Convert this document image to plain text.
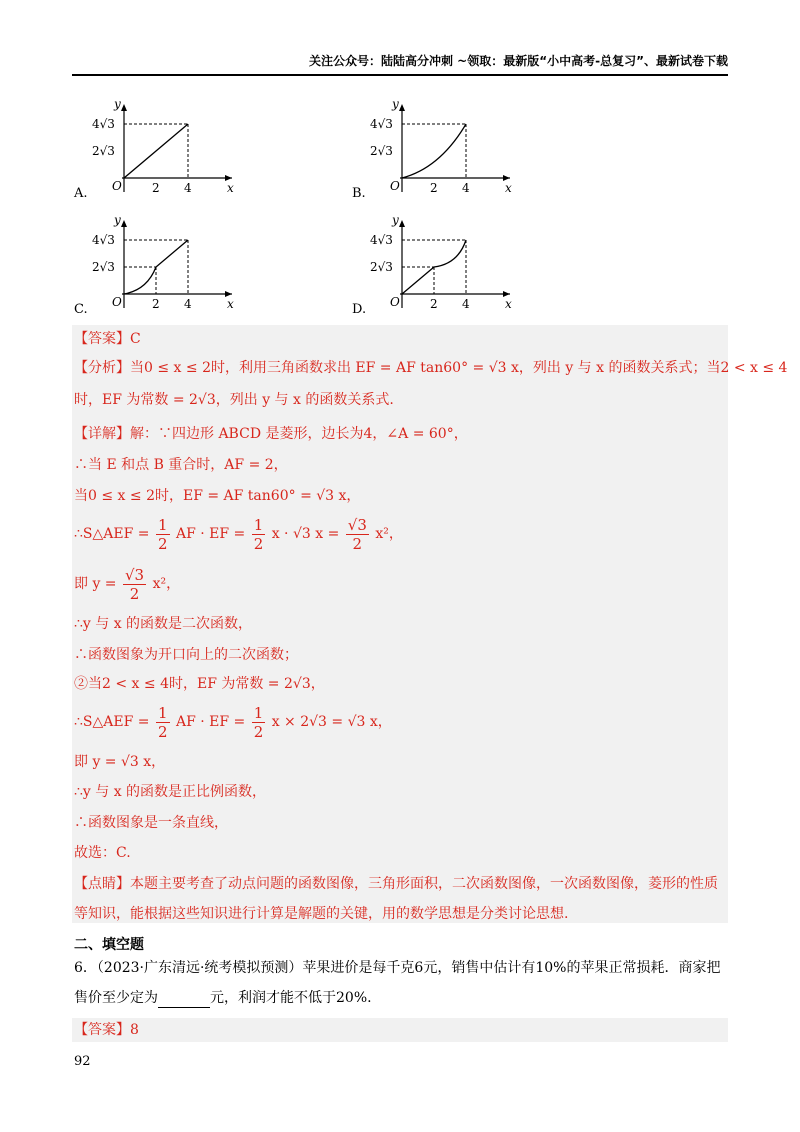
关注公众号：陆陆高分冲刺 ~领取：最新版“小中高考-总复习”、最新试卷下载
y
x
O	2 4
4√3
2√3
A.
y
x
O	2 4
4√3
2√3
B.
y
x
O	2 4
4√3
2√3
C.
y
x
O	2 4
4√3
2√3
D.
【答案】C
【分析】当0 ≤ x ≤ 2时，利用三角函数求出 EF = AF tan60° = √3 x，列出 y 与 x 的函数关系式；当2 < x ≤ 4
时，EF 为常数 = 2√3，列出 y 与 x 的函数关系式.
【详解】解：∵四边形 ABCD 是菱形，边长为4，∠A = 60°，
∴当 E 和点 B 重合时，AF = 2，
当0 ≤ x ≤ 2时，EF = AF tan60° = √3 x，
∴S△AEF = $\frac{1}{2}$ AF · EF = $\frac{1}{2}$ x · √3 $x = \frac{√3}{2} x^2$，
即 $y = \frac{√3}{2} x^2$，
∴y 与 x 的函数是二次函数，
∴函数图象为开口向上的二次函数；
②当2 < x ≤ 4时，EF 为常数 = 2√3，
∴S△AEF = $\frac{1}{2}$ AF · EF = $\frac{1}{2}$ x × 2√3 = √3 x，
即 y = √3 x，
∴y 与 x 的函数是正比例函数，
∴函数图象是一条直线，
故选：C.
【点睛】本题主要考查了动点问题的函数图像，三角形面积，二次函数图像，一次函数图像，菱形的性质
等知识，能根据这些知识进行计算是解题的关键，用的数学思想是分类讨论思想.
二、填空题
6．（2023·广东清远·统考模拟预测）苹果进价是每千克6元，销售中估计有10%的苹果正常损耗．商家把
售价至少定为	元，利润才能不低于20%.
【答案】8
92
